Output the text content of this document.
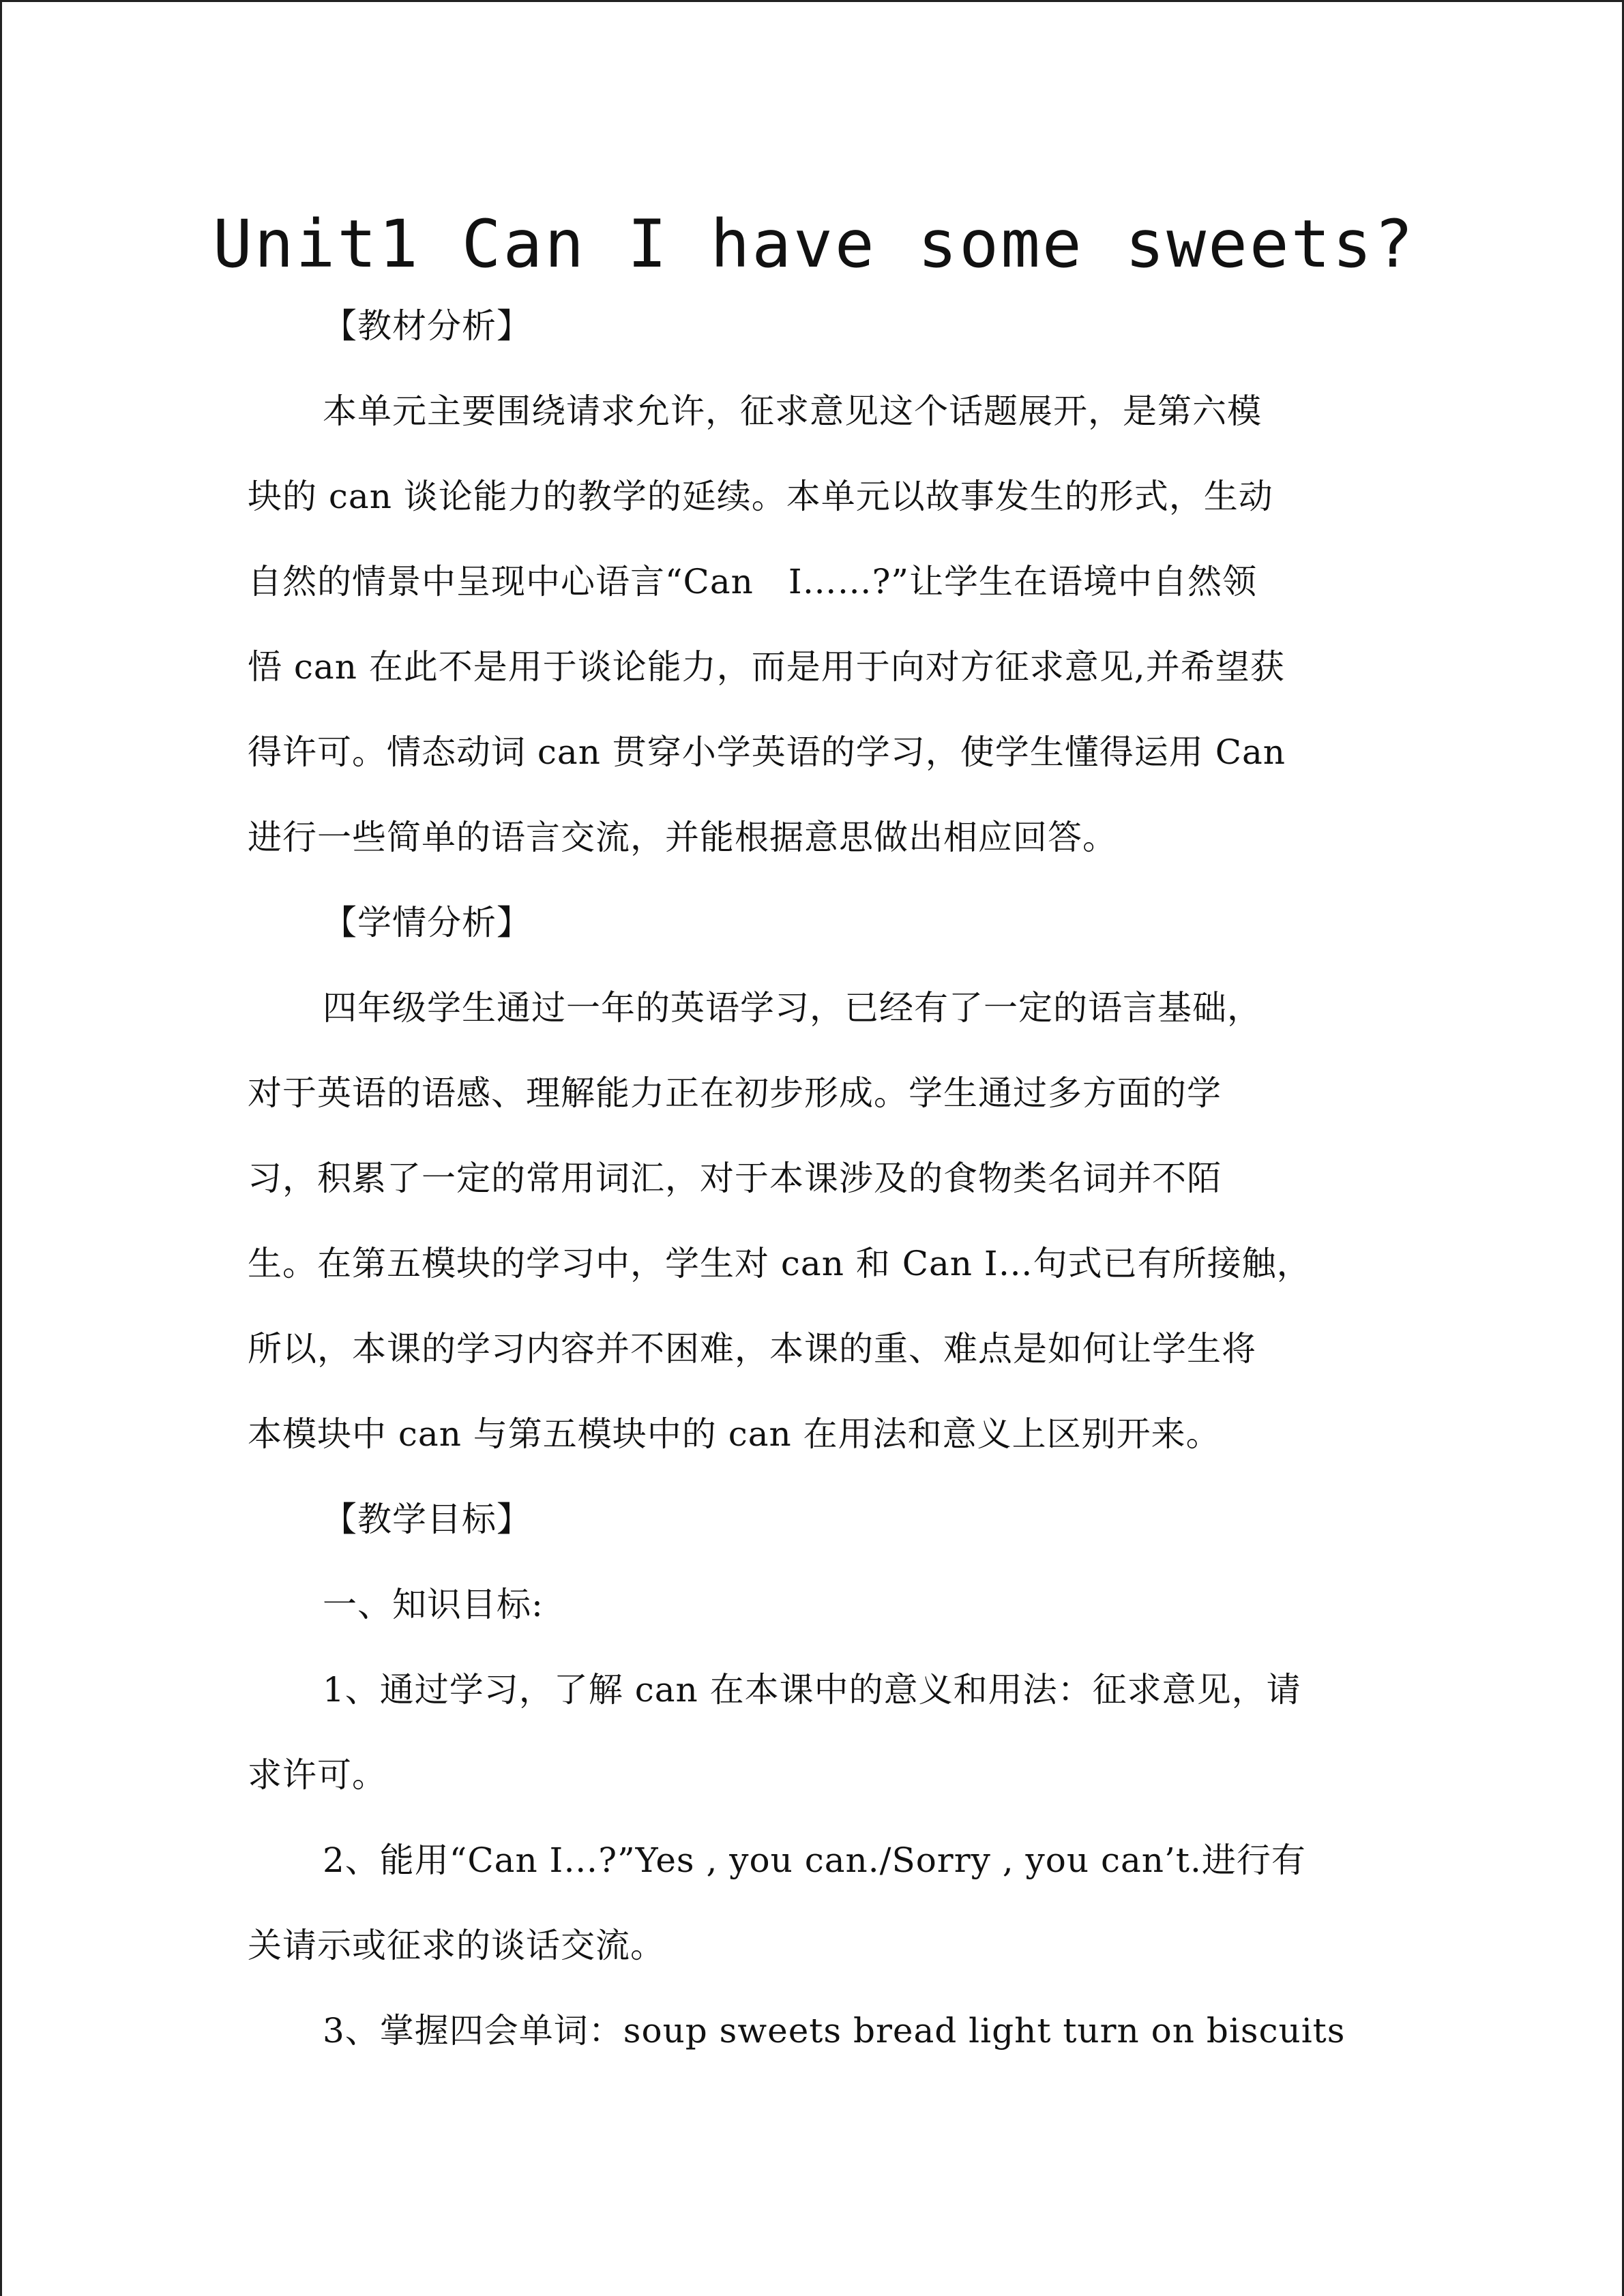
Unit1 Can I have some sweets?
【教材分析】
本单元主要围绕请求允许，征求意见这个话题展开，是第六模
块的 can 谈论能力的教学的延续。本单元以故事发生的形式，生动
自然的情景中呈现中心语言“Can　I……?”让学生在语境中自然领
悟 can 在此不是用于谈论能力，而是用于向对方征求意见,并希望获
得许可。情态动词 can 贯穿小学英语的学习，使学生懂得运用 Can
进行一些简单的语言交流，并能根据意思做出相应回答。
【学情分析】
四年级学生通过一年的英语学习，已经有了一定的语言基础，
对于英语的语感、理解能力正在初步形成。学生通过多方面的学
习，积累了一定的常用词汇，对于本课涉及的食物类名词并不陌
生。在第五模块的学习中，学生对 can 和 Can I…句式已有所接触，
所以，本课的学习内容并不困难，本课的重、难点是如何让学生将
本模块中 can 与第五模块中的 can 在用法和意义上区别开来。
【教学目标】
一、知识目标:
1、通过学习，了解 can 在本课中的意义和用法：征求意见，请
求许可。
2、能用“Can I…?”Yes , you can./Sorry , you can’t.进行有
关请示或征求的谈话交流。
3、掌握四会单词：soup sweets bread light turn on biscuits
